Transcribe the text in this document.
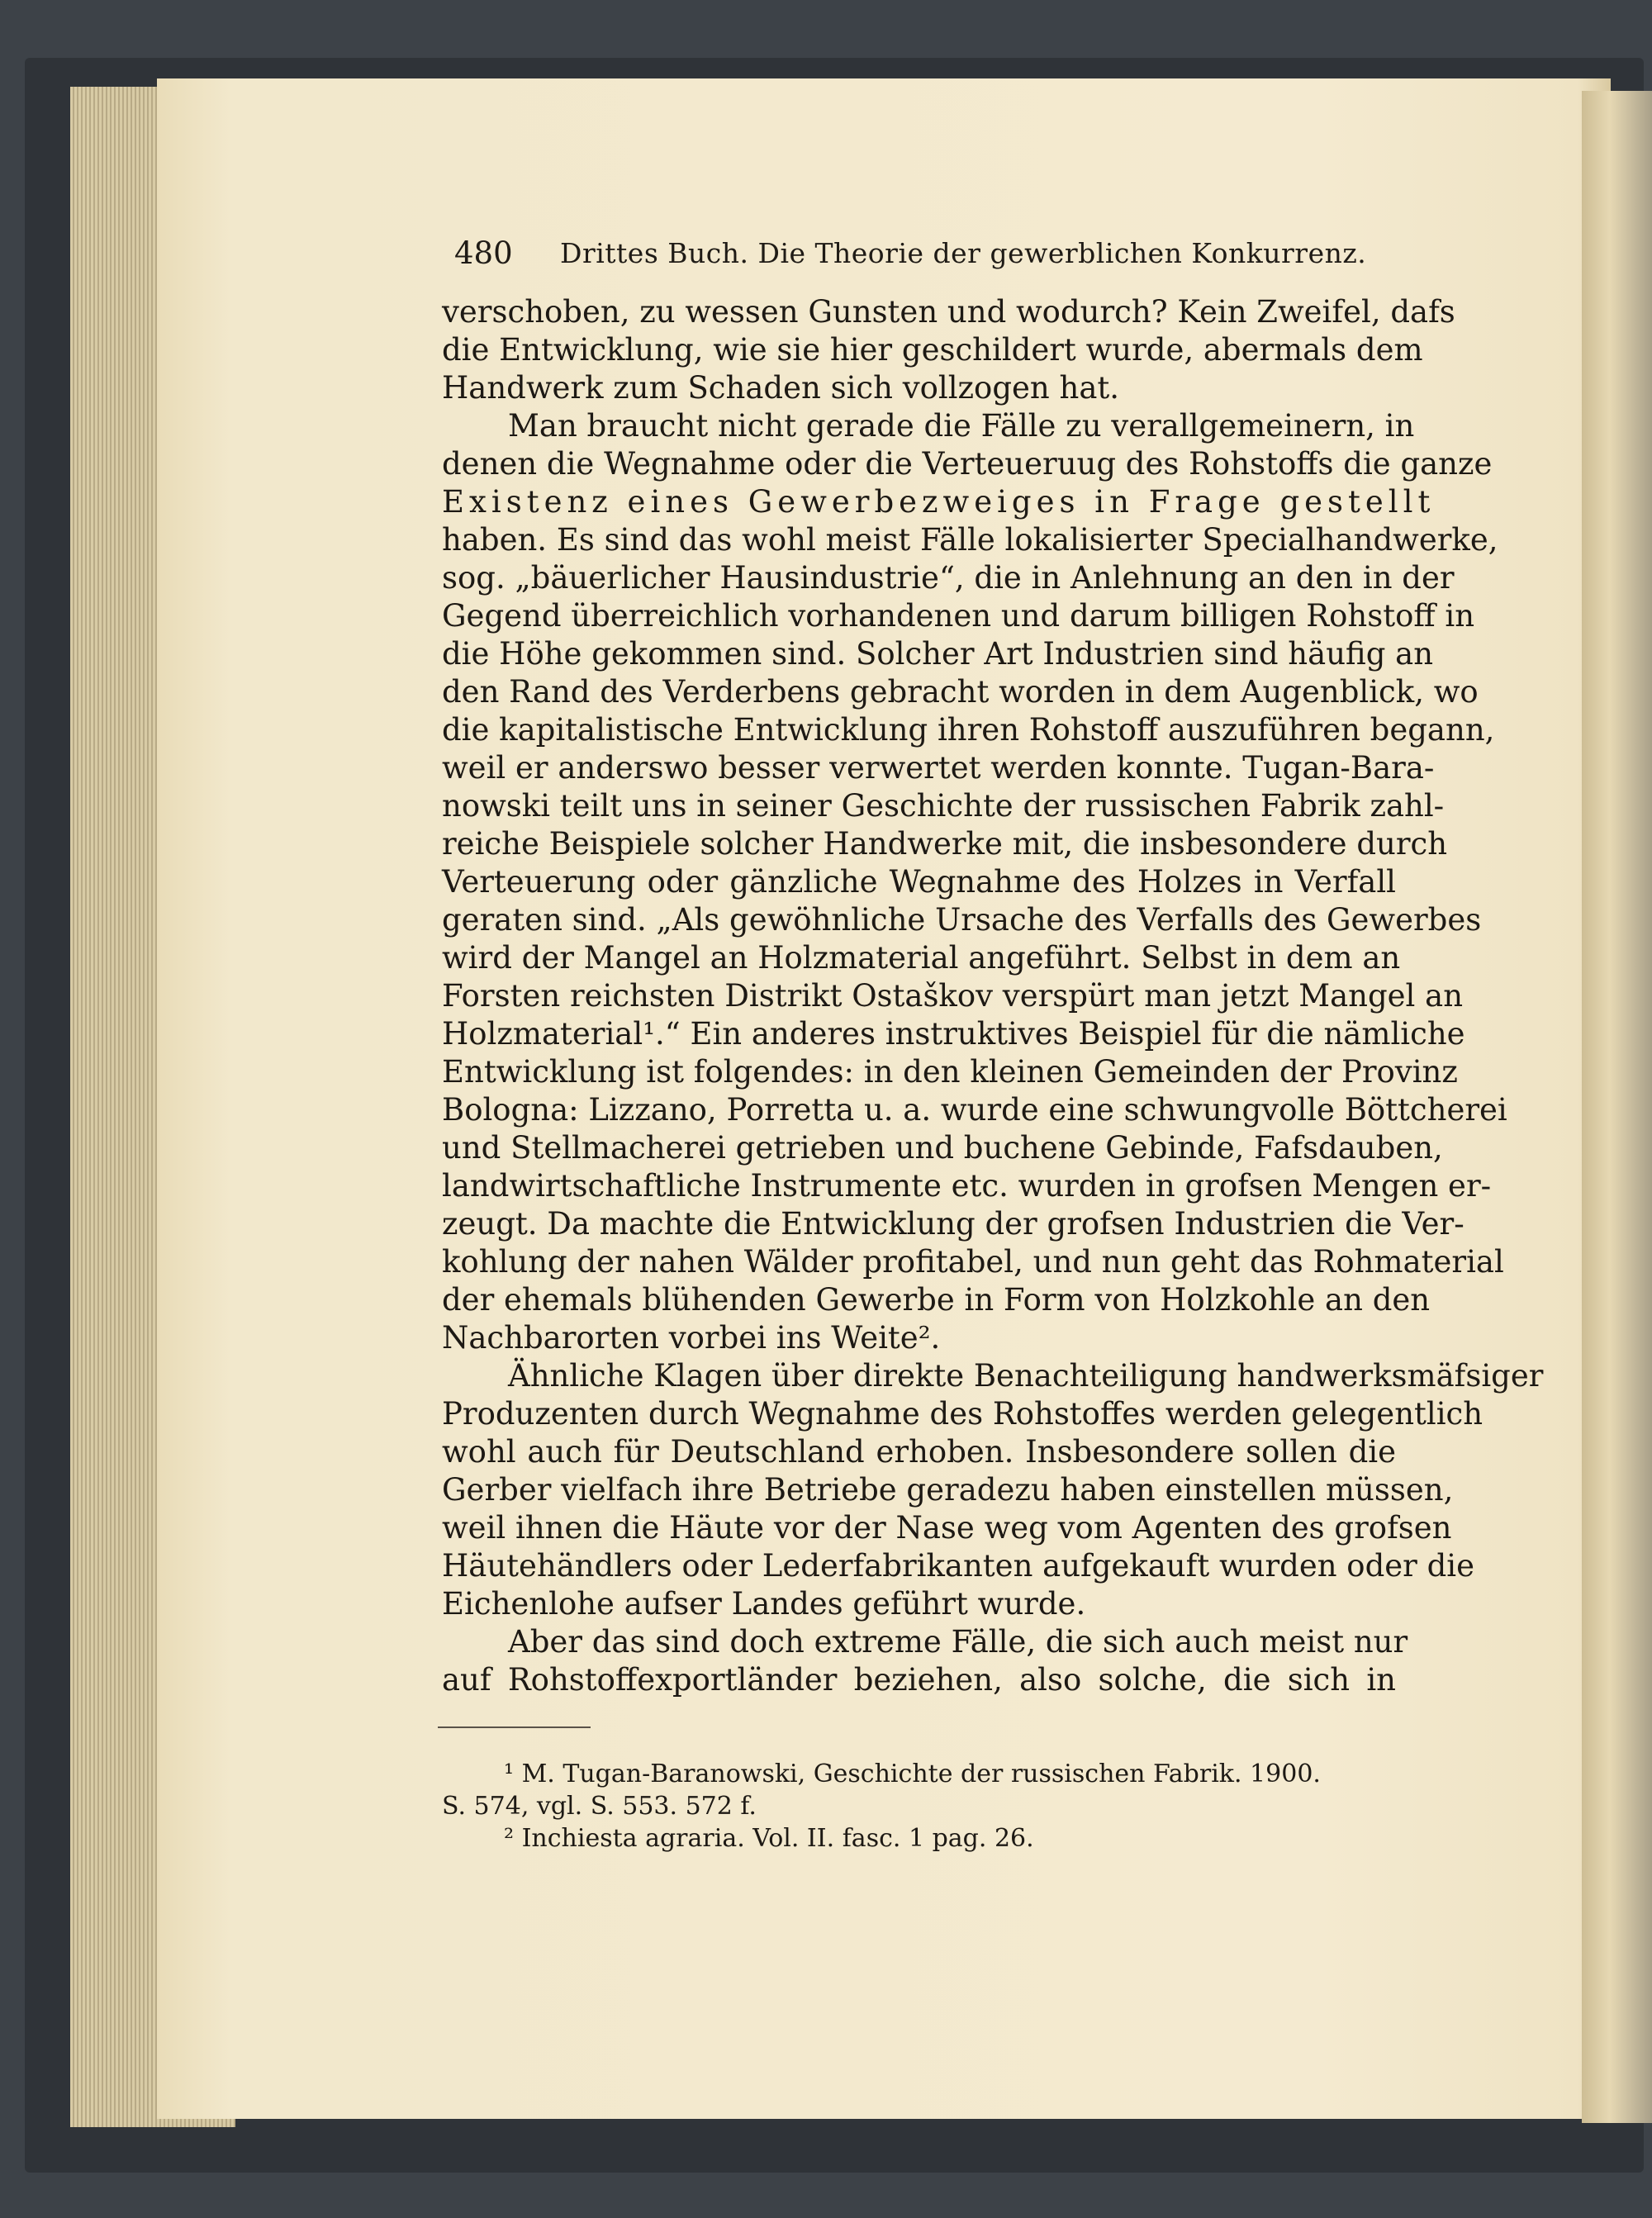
480 Drittes Buch. Die Theorie der gewerblichen Konkurrenz.
verschoben, zu wessen Gunsten und wodurch? Kein Zweifel, dafs
die Entwicklung, wie sie hier geschildert wurde, abermals dem
Handwerk zum Schaden sich vollzogen hat.
Man braucht nicht gerade die Fälle zu verallgemeinern, in
denen die Wegnahme oder die Verteueruug des Rohstoffs die ganze
Existenz eines Gewerbezweiges in Frage gestellt
haben. Es sind das wohl meist Fälle lokalisierter Specialhandwerke,
sog. „bäuerlicher Hausindustrie“, die in Anlehnung an den in der
Gegend überreichlich vorhandenen und darum billigen Rohstoff in
die Höhe gekommen sind. Solcher Art Industrien sind häufig an
den Rand des Verderbens gebracht worden in dem Augenblick, wo
die kapitalistische Entwicklung ihren Rohstoff auszuführen begann,
weil er anderswo besser verwertet werden konnte. Tugan-Bara-
nowski teilt uns in seiner Geschichte der russischen Fabrik zahl-
reiche Beispiele solcher Handwerke mit, die insbesondere durch
Verteuerung oder gänzliche Wegnahme des Holzes in Verfall
geraten sind. „Als gewöhnliche Ursache des Verfalls des Gewerbes
wird der Mangel an Holzmaterial angeführt. Selbst in dem an
Forsten reichsten Distrikt Ostaškov verspürt man jetzt Mangel an
Holzmaterial¹.“ Ein anderes instruktives Beispiel für die nämliche
Entwicklung ist folgendes: in den kleinen Gemeinden der Provinz
Bologna: Lizzano, Porretta u. a. wurde eine schwungvolle Böttcherei
und Stellmacherei getrieben und buchene Gebinde, Fafsdauben,
landwirtschaftliche Instrumente etc. wurden in grofsen Mengen er-
zeugt. Da machte die Entwicklung der grofsen Industrien die Ver-
kohlung der nahen Wälder profitabel, und nun geht das Rohmaterial
der ehemals blühenden Gewerbe in Form von Holzkohle an den
Nachbarorten vorbei ins Weite².
Ähnliche Klagen über direkte Benachteiligung handwerksmäfsiger
Produzenten durch Wegnahme des Rohstoffes werden gelegentlich
wohl auch für Deutschland erhoben. Insbesondere sollen die
Gerber vielfach ihre Betriebe geradezu haben einstellen müssen,
weil ihnen die Häute vor der Nase weg vom Agenten des grofsen
Häutehändlers oder Lederfabrikanten aufgekauft wurden oder die
Eichenlohe aufser Landes geführt wurde.
Aber das sind doch extreme Fälle, die sich auch meist nur
auf Rohstoffexportländer beziehen, also solche, die sich in
¹ M. Tugan-Baranowski, Geschichte der russischen Fabrik. 1900.
S. 574, vgl. S. 553. 572 f.
² Inchiesta agraria. Vol. II. fasc. 1 pag. 26.
